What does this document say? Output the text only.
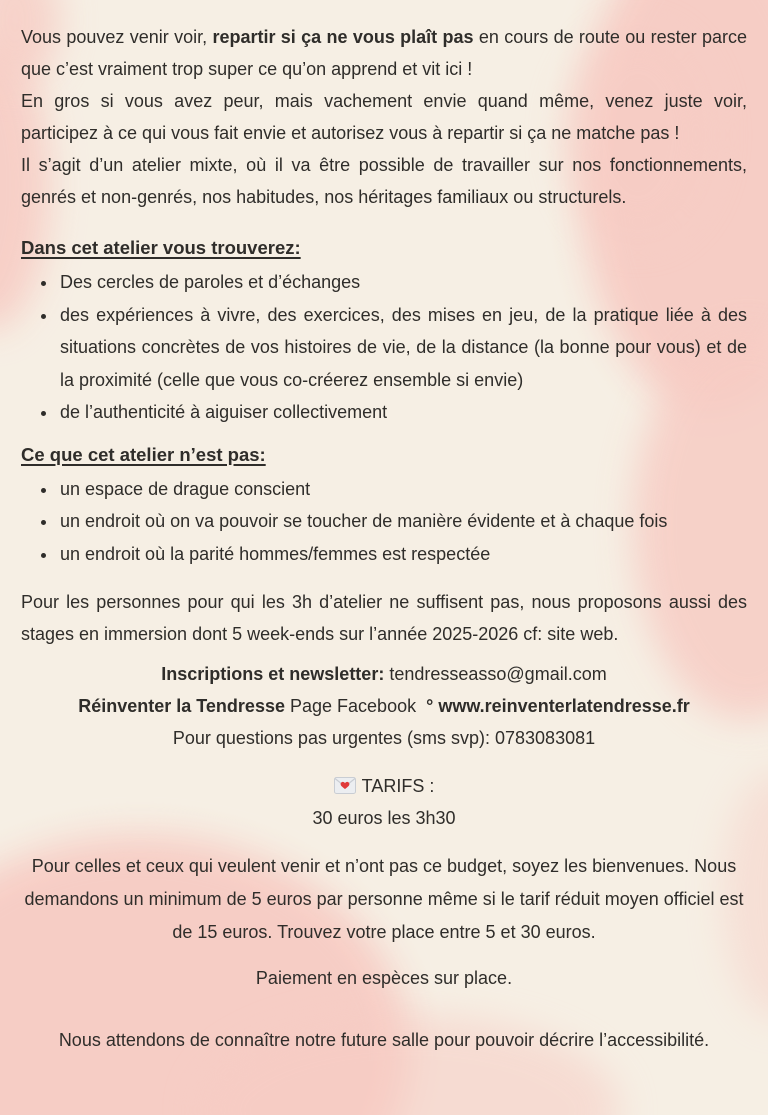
Vous pouvez venir voir, repartir si ça ne vous plaît pas en cours de route ou rester parce que c’est vraiment trop super ce qu’on apprend et vit ici !

En gros si vous avez peur, mais vachement envie quand même, venez juste voir, participez à ce qui vous fait envie et autorisez vous à repartir si ça ne matche pas !

Il s’agit d’un atelier mixte, où il va être possible de travailler sur nos fonctionnements, genrés et non-genrés, nos habitudes, nos héritages familiaux ou structurels.

Dans cet atelier vous trouverez:
• Des cercles de paroles et d’échanges
• des expériences à vivre, des exercices, des mises en jeu, de la pratique liée à des situations concrètes de vos histoires de vie, de la distance (la bonne pour vous) et de la proximité (celle que vous co-créerez ensemble si envie)
• de l’authenticité à aiguiser collectivement
Ce que cet atelier n’est pas:
• un espace de drague conscient
• un endroit où on va pouvoir se toucher de manière évidente et à chaque fois
• un endroit où la parité hommes/femmes est respectée

Pour les personnes pour qui les 3h d’atelier ne suffisent pas, nous proposons aussi des stages en immersion dont 5 week-ends sur l’année 2025-2026 cf: site web.

Inscriptions et newsletter: tendresseasso@gmail.com

Réinventer la Tendresse Page Facebook ° www.reinventerlatendresse.fr

Pour questions pas urgentes (sms svp): 0783083081

TARIFS :

30 euros les 3h30

Pour celles et ceux qui veulent venir et n’ont pas ce budget, soyez les bienvenues. Nous demandons un minimum de 5 euros par personne même si le tarif réduit moyen officiel est de 15 euros. Trouvez votre place entre 5 et 30 euros.

Paiement en espèces sur place.

Nous attendons de connaître notre future salle pour pouvoir décrire l’accessibilité.
